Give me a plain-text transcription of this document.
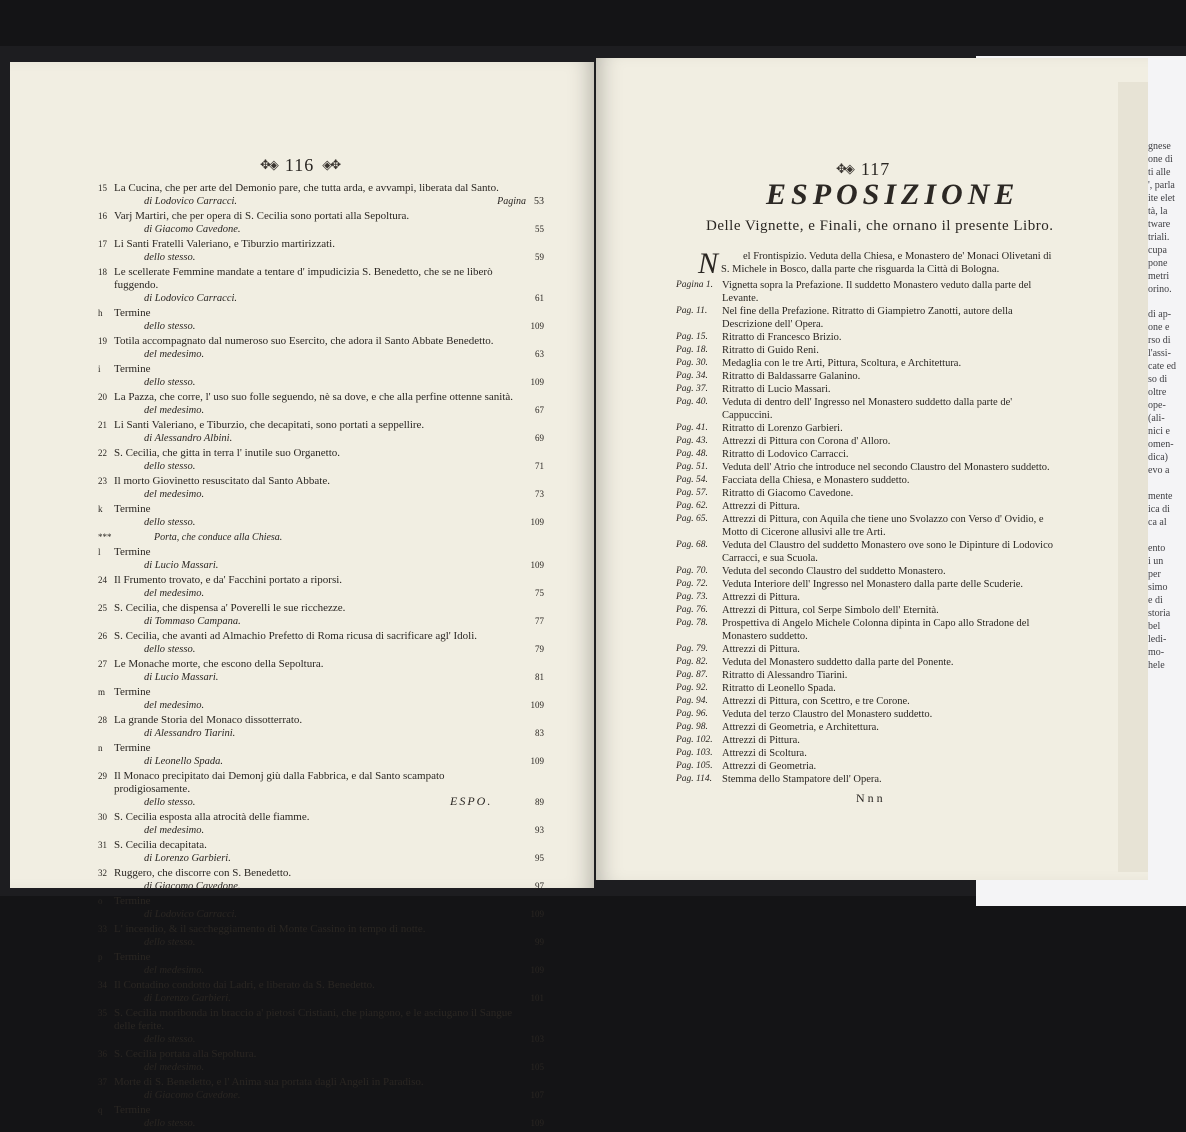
gnese
one di
ti alle
', parla
ite elet
tà, la
tware
triali.
cupa
pone
metri
orino.
di ap-
one e
rso di
l'assi-
cate ed
so di
oltre
ope-
(ali-
nici e
omen-
dica)
evo a
mente
ica di
ca al
ento
i un
per
simo
e di
storia
bel
ledi-
mo-
hele
✥◈ 116 ◈✥
15 La Cucina, che per arte del Demonio pare, che tutta arda, e avvampi, liberata dal Santo.
di Lodovico Carracci.	Pagina 53
16 Varj Martiri, che per opera di S. Cecilia sono portati alla Sepoltura.
di Giacomo Cavedone.	55
17 Li Santi Fratelli Valeriano, e Tiburzio martirizzati.
dello stesso.	59
18 Le scellerate Femmine mandate a tentare d' impudicizia S. Benedetto, che se ne liberò fuggendo.
di Lodovico Carracci.	61
h Termine
dello stesso.	109
19 Totila accompagnato dal numeroso suo Esercito, che adora il Santo Abbate Benedetto.
del medesimo.	63
i Termine
dello stesso.	109
20 La Pazza, che corre, l' uso suo folle seguendo, nè sa dove, e che alla perfine ottenne sanità.
del medesimo.	67
21 Li Santi Valeriano, e Tiburzio, che decapitati, sono portati a seppellire.
di Alessandro Albini.	69
22 S. Cecilia, che gitta in terra l' inutile suo Organetto.
dello stesso.	71
23 Il morto Giovinetto resuscitato dal Santo Abbate.
del medesimo.	73
k Termine
dello stesso.	109
***	Porta, che conduce alla Chiesa.
l Termine
di Lucio Massari.	109
24 Il Frumento trovato, e da' Facchini portato a riporsi.
del medesimo.	75
25 S. Cecilia, che dispensa a' Poverelli le sue ricchezze.
di Tommaso Campana.	77
26 S. Cecilia, che avanti ad Almachio Prefetto di Roma ricusa di sacrificare agl' Idoli.
dello stesso.	79
27 Le Monache morte, che escono della Sepoltura.
di Lucio Massari.	81
m Termine
del medesimo.	109
28 La grande Storia del Monaco dissotterrato.
di Alessandro Tiarini.	83
n Termine
di Leonello Spada.	109
29 Il Monaco precipitato dai Demonj giù dalla Fabbrica, e dal Santo scampato prodigiosamente.
dello stesso.	89
30 S. Cecilia esposta alla atrocità delle fiamme.
del medesimo.	93
31 S. Cecilia decapitata.
di Lorenzo Garbieri.	95
32 Ruggero, che discorre con S. Benedetto.
di Giacomo Cavedone.	97
o Termine
di Lodovico Carracci.	109
33 L' incendio, & il saccheggiamento di Monte Cassino in tempo di notte.
dello stesso.	99
p Termine
del medesimo.	109
34 Il Contadino condotto dai Ladri, e liberato da S. Benedetto.
di Lorenzo Garbieri.	101
35 S. Cecilia moribonda in braccio a' pietosi Cristiani, che piangono, e le asciugano il Sangue delle ferite.
dello stesso.	103
36 S. Cecilia portata alla Sepoltura.
del medesimo.	105
37 Morte di S. Benedetto, e l' Anima sua portata dagli Angeli in Paradiso.
di Giacomo Cavedone.	107
q Termine
dello stesso.	109
ESPO.
✥◈ 117
ESPOSIZIONE
Delle Vignette, e Finali, che ornano il presente Libro.

N el Frontispizio. Veduta della Chiesa, e Monastero de' Monaci Olivetani di S. Michele in Bosco, dalla parte che risguarda la Città di Bologna.

Pagina 1. Vignetta sopra la Prefazione. Il suddetto Monastero veduto dalla parte del Levante.
Pag. 11. Nel fine della Prefazione. Ritratto di Giampietro Zanotti, autore della Descrizione dell' Opera.
Pag. 15. Ritratto di Francesco Brizio.
Pag. 18. Ritratto di Guido Reni.
Pag. 30. Medaglia con le tre Arti, Pittura, Scoltura, e Architettura.
Pag. 34. Ritratto di Baldassarre Galanino.
Pag. 37. Ritratto di Lucio Massari.
Pag. 40. Veduta di dentro dell' Ingresso nel Monastero suddetto dalla parte de' Cappuccini.
Pag. 41. Ritratto di Lorenzo Garbieri.
Pag. 43. Attrezzi di Pittura con Corona d' Alloro.
Pag. 48. Ritratto di Lodovico Carracci.
Pag. 51. Veduta dell' Atrio che introduce nel secondo Claustro del Monastero suddetto.
Pag. 54. Facciata della Chiesa, e Monastero suddetto.
Pag. 57. Ritratto di Giacomo Cavedone.
Pag. 62. Attrezzi di Pittura.
Pag. 65. Attrezzi di Pittura, con Aquila che tiene uno Svolazzo con Verso d' Ovidio, e Motto di Cicerone allusivi alle tre Arti.
Pag. 68. Veduta del Claustro del suddetto Monastero ove sono le Dipinture di Lodovico Carracci, e sua Scuola.
Pag. 70. Veduta del secondo Claustro del suddetto Monastero.
Pag. 72. Veduta Interiore dell' Ingresso nel Monastero dalla parte delle Scuderie.
Pag. 73. Attrezzi di Pittura.
Pag. 76. Attrezzi di Pittura, col Serpe Simbolo dell' Eternità.
Pag. 78. Prospettiva di Angelo Michele Colonna dipinta in Capo allo Stradone del Monastero suddetto.
Pag. 79. Attrezzi di Pittura.
Pag. 82. Veduta del Monastero suddetto dalla parte del Ponente.
Pag. 87. Ritratto di Alessandro Tiarini.
Pag. 92. Ritratto di Leonello Spada.
Pag. 94. Attrezzi di Pittura, con Scettro, e tre Corone.
Pag. 96. Veduta del terzo Claustro del Monastero suddetto.
Pag. 98. Attrezzi di Geometria, e Architettura.
Pag. 102. Attrezzi di Pittura.
Pag. 103. Attrezzi di Scoltura.
Pag. 105. Attrezzi di Geometria.
Pag. 114. Stemma dello Stampatore dell' Opera.
Nnn
